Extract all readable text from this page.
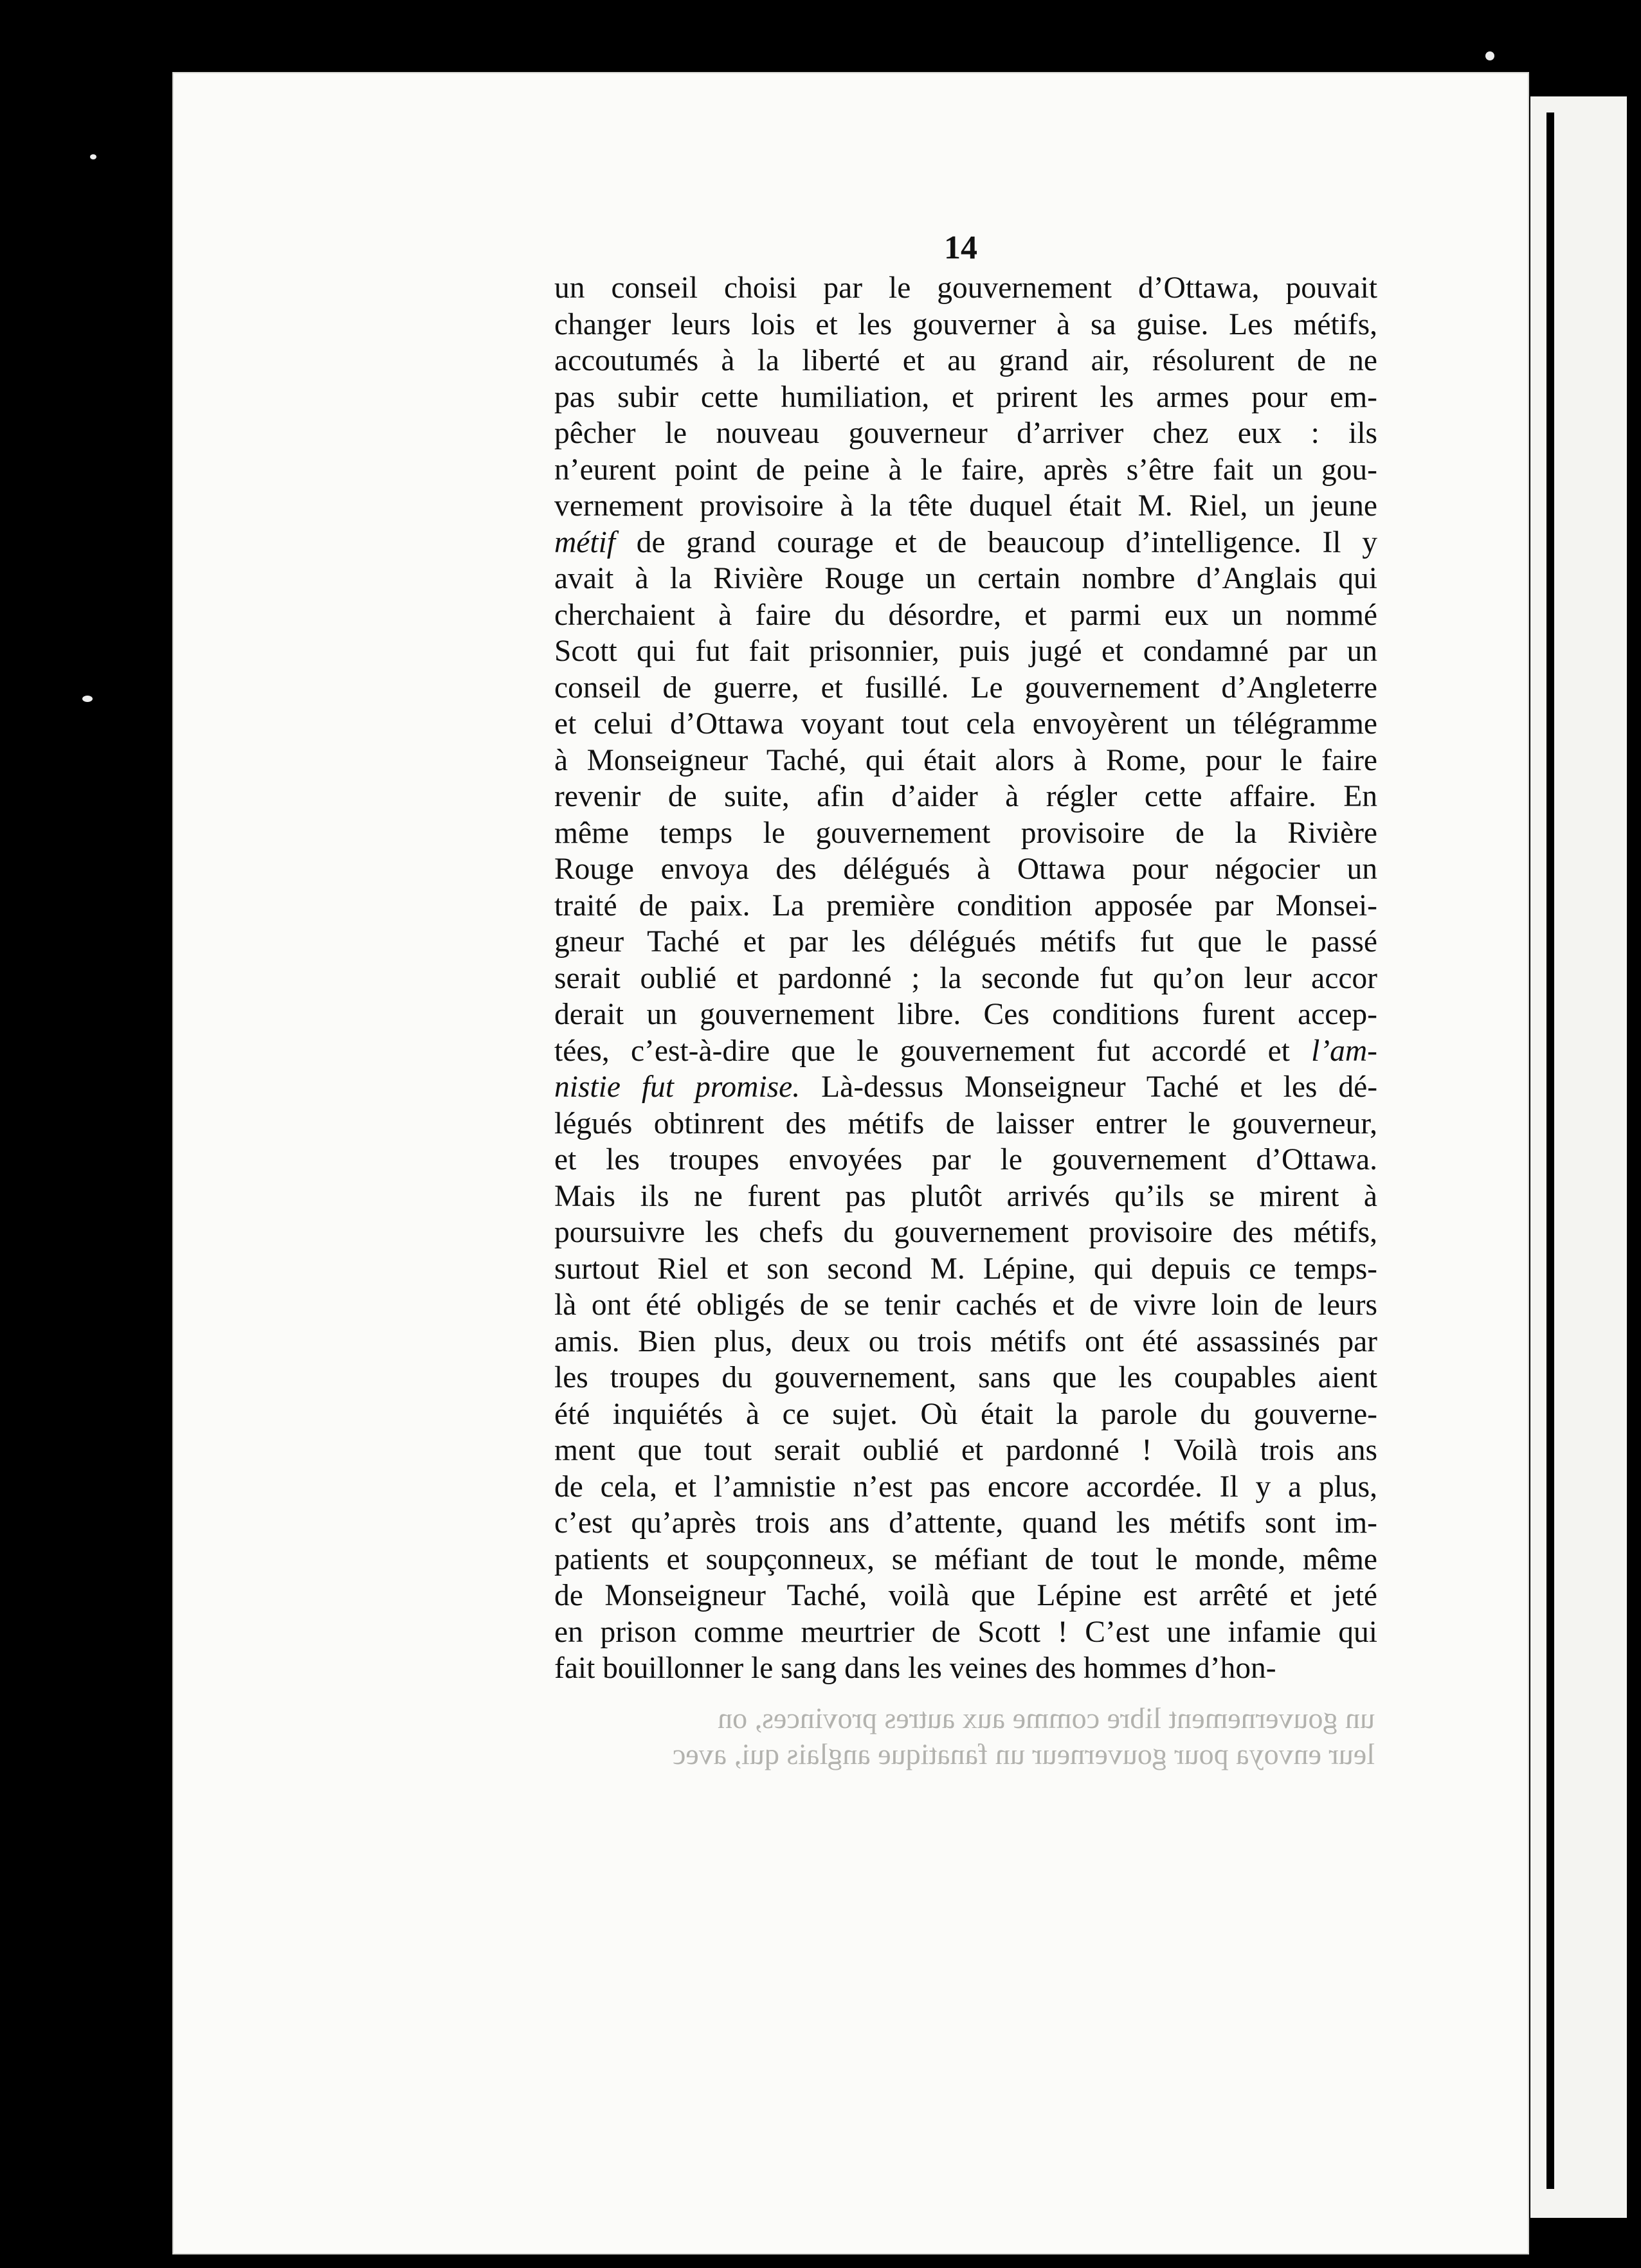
14
un conseil choisi par le gouvernement d’Ottawa, pouvait
changer leurs lois et les gouverner à sa guise. Les métifs,
accoutumés à la liberté et au grand air, résolurent de ne
pas subir cette humiliation, et prirent les armes pour em-
pêcher le nouveau gouverneur d’arriver chez eux : ils
n’eurent point de peine à le faire, après s’être fait un gou-
vernement provisoire à la tête duquel était M. Riel, un jeune
métif de grand courage et de beaucoup d’intelligence. Il y
avait à la Rivière Rouge un certain nombre d’Anglais qui
cherchaient à faire du désordre, et parmi eux un nommé
Scott qui fut fait prisonnier, puis jugé et condamné par un
conseil de guerre, et fusillé. Le gouvernement d’Angleterre
et celui d’Ottawa voyant tout cela envoyèrent un télégramme
à Monseigneur Taché, qui était alors à Rome, pour le faire
revenir de suite, afin d’aider à régler cette affaire. En
même temps le gouvernement provisoire de la Rivière
Rouge envoya des délégués à Ottawa pour négocier un
traité de paix. La première condition apposée par Monsei-
gneur Taché et par les délégués métifs fut que le passé
serait oublié et pardonné ; la seconde fut qu’on leur accor
derait un gouvernement libre. Ces conditions furent accep-
tées, c’est-à-dire que le gouvernement fut accordé et l’am-
nistie fut promise. Là-dessus Monseigneur Taché et les dé-
légués obtinrent des métifs de laisser entrer le gouverneur,
et les troupes envoyées par le gouvernement d’Ottawa.
Mais ils ne furent pas plutôt arrivés qu’ils se mirent à
poursuivre les chefs du gouvernement provisoire des métifs,
surtout Riel et son second M. Lépine, qui depuis ce temps-
là ont été obligés de se tenir cachés et de vivre loin de leurs
amis. Bien plus, deux ou trois métifs ont été assassinés par
les troupes du gouvernement, sans que les coupables aient
été inquiétés à ce sujet. Où était la parole du gouverne-
ment que tout serait oublié et pardonné ! Voilà trois ans
de cela, et l’amnistie n’est pas encore accordée. Il y a plus,
c’est qu’après trois ans d’attente, quand les métifs sont im-
patients et soupçonneux, se méfiant de tout le monde, même
de Monseigneur Taché, voilà que Lépine est arrêté et jeté
en prison comme meurtrier de Scott ! C’est une infamie qui
fait bouillonner le sang dans les veines des hommes d’hon-
un gouvernement libre comme aux autres provinces, on
leur envoya pour gouverneur un fanatique anglais qui, avec
